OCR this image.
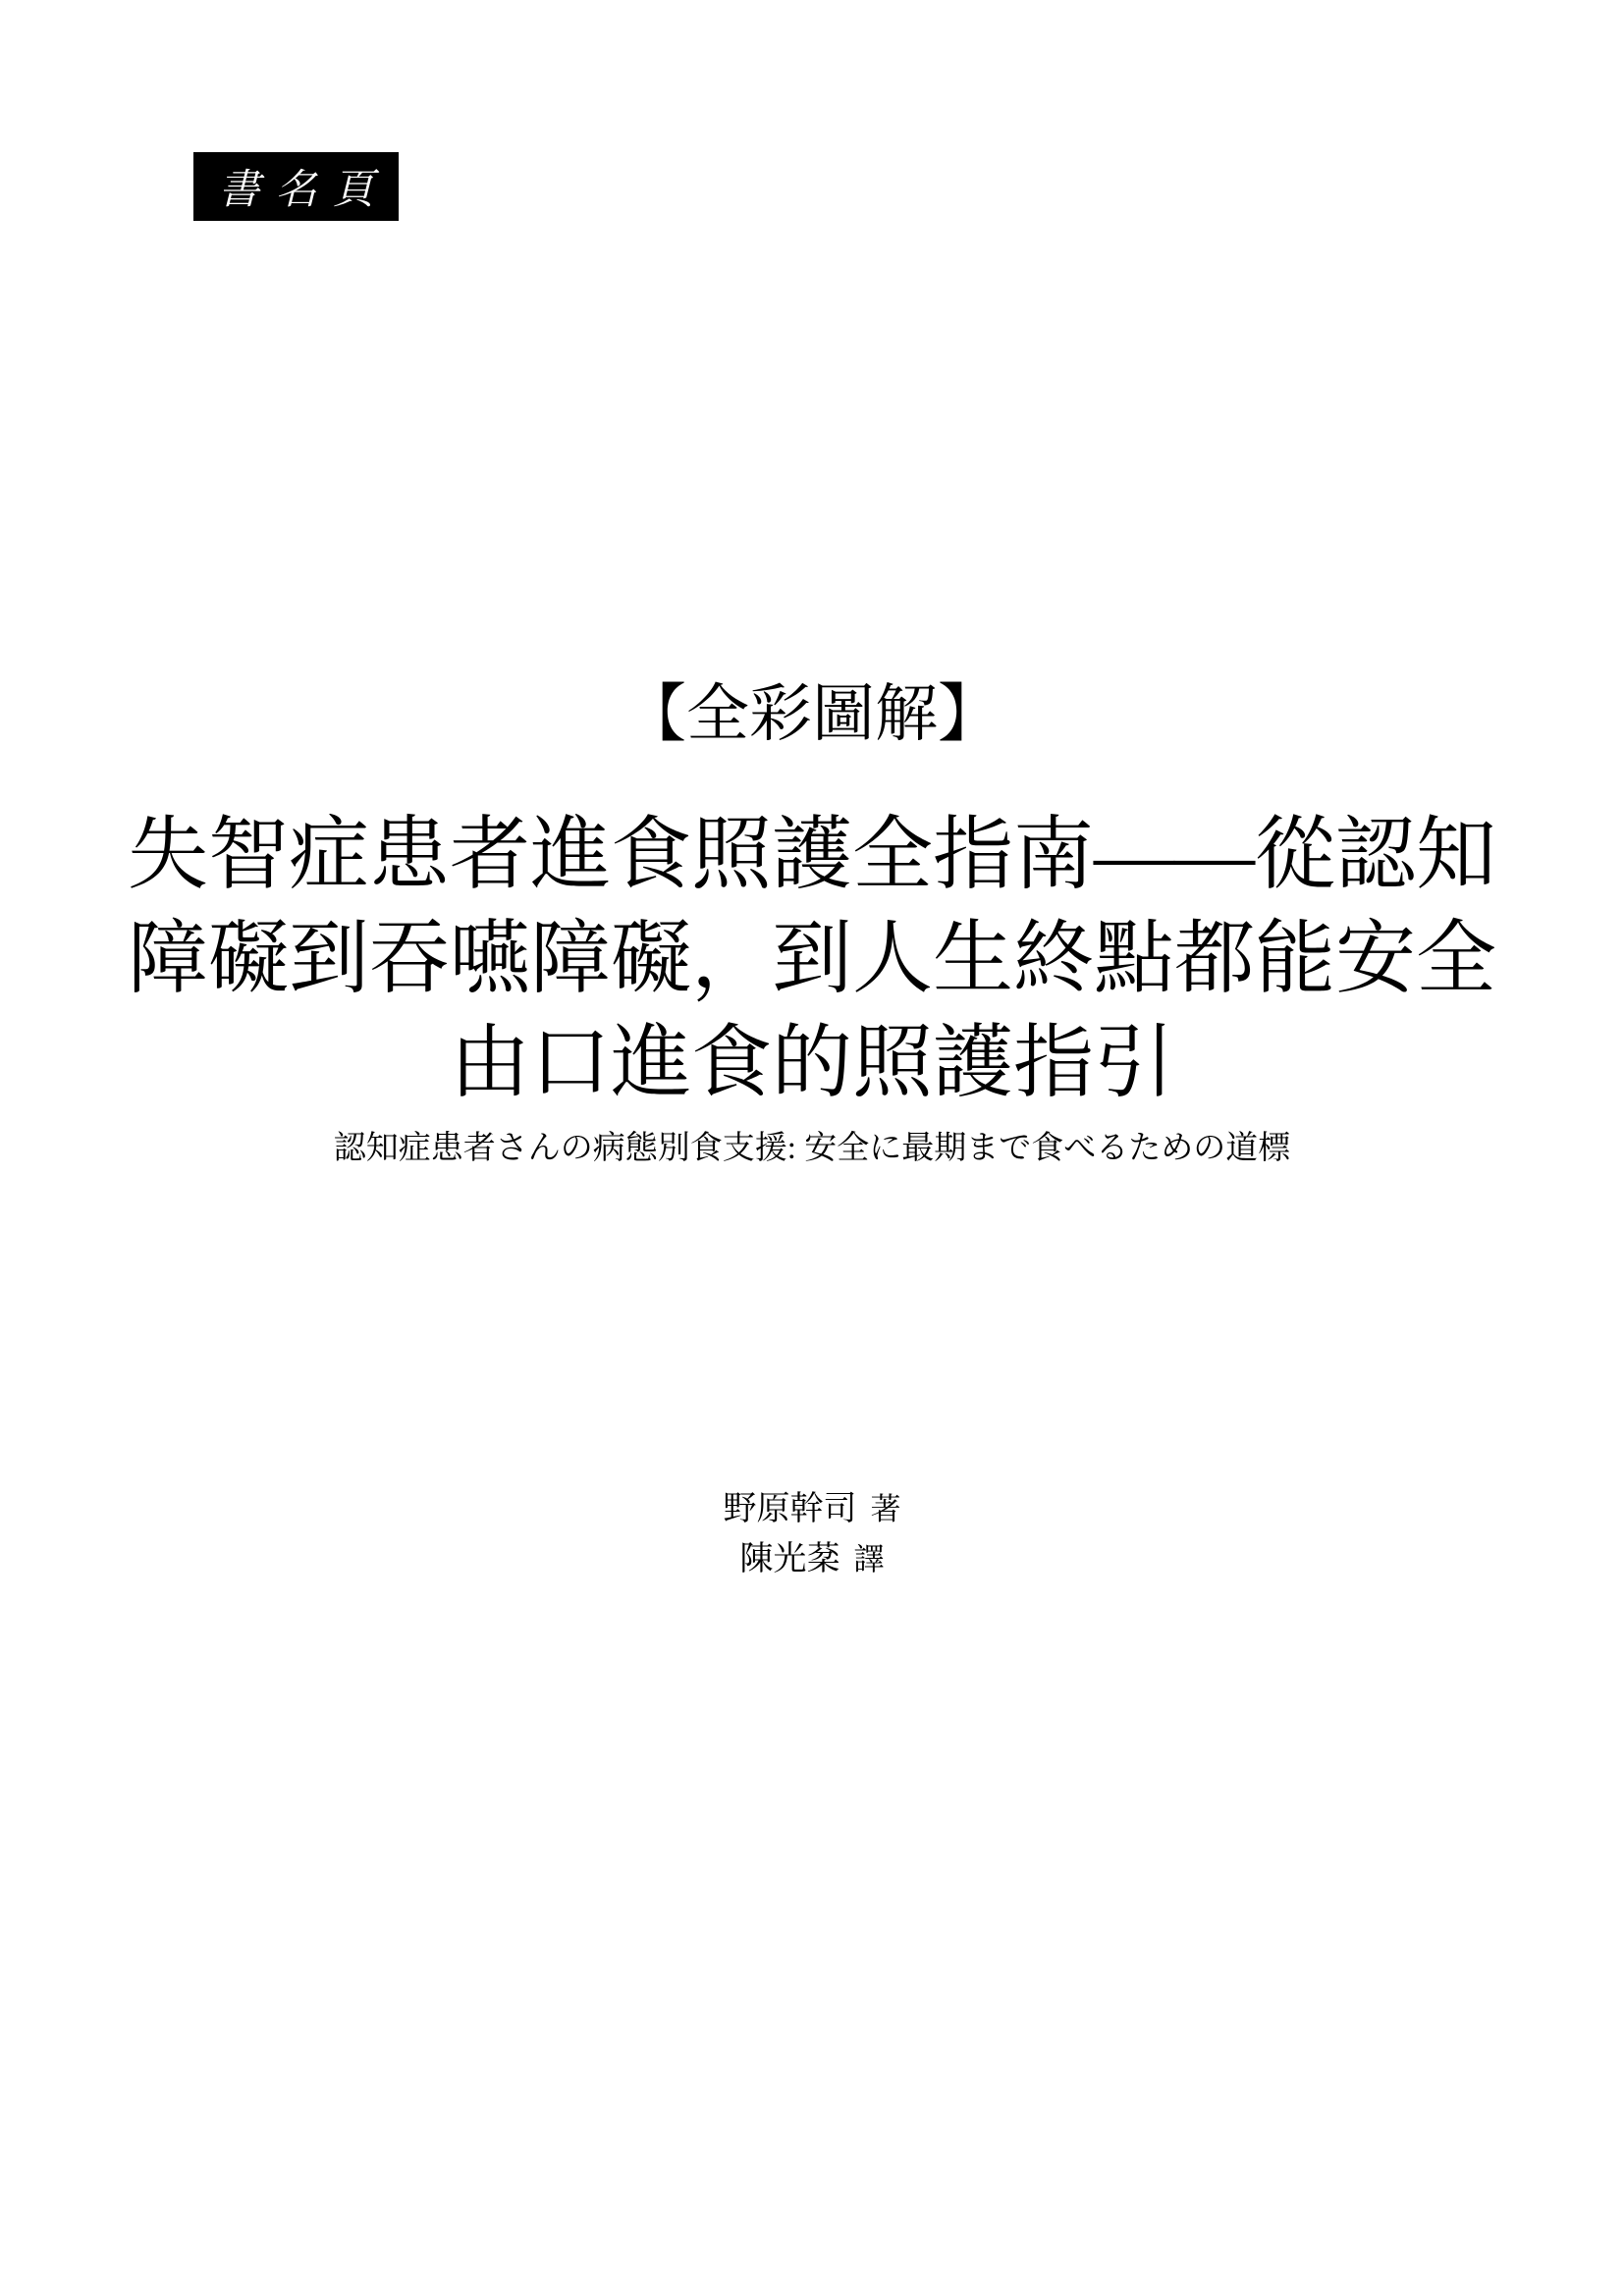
書名頁
【全彩圖解】
失智症患者進食照護全指南——從認知
障礙到吞嚥障礙，到人生終點都能安全
由口進食的照護指引
認知症患者さんの病態別食支援: 安全に最期まで食べるための道標
野原幹司 著
陳光棻 譯
